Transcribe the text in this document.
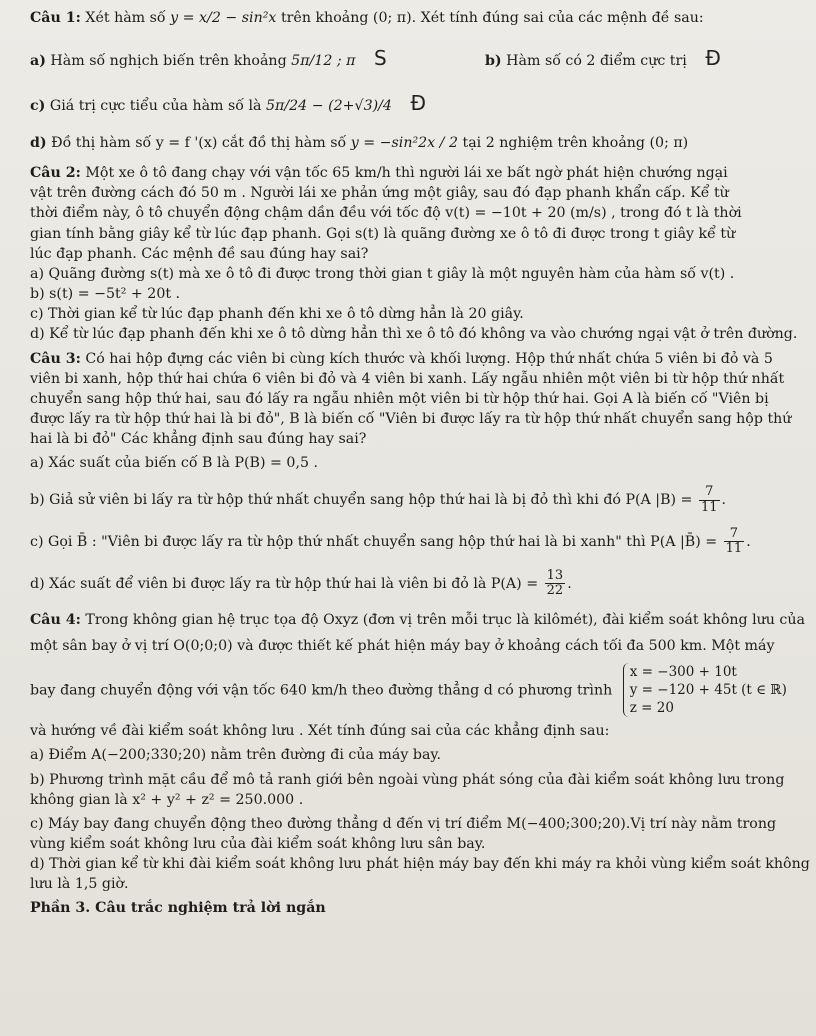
Câu 1: Xét hàm số y = x/2 − sin²x trên khoảng (0; π). Xét tính đúng sai của các mệnh đề sau:

a) Hàm số nghịch biến trên khoảng 5π/12 ; π S	b) Hàm số có 2 điểm cực trị Đ

c) Giá trị cực tiểu của hàm số là 5π/24 − (2+√3)/4 Đ

d) Đồ thị hàm số y = f '(x) cắt đồ thị hàm số y = −sin²2x / 2 tại 2 nghiệm trên khoảng (0; π)

Câu 2: Một xe ô tô đang chạy với vận tốc 65 km/h thì người lái xe bất ngờ phát hiện chướng ngại

vật trên đường cách đó 50 m . Người lái xe phản ứng một giây, sau đó đạp phanh khẩn cấp. Kể từ

thời điểm này, ô tô chuyển động chậm dần đều với tốc độ v(t) = −10t + 20 (m/s) , trong đó t là thời

gian tính bằng giây kể từ lúc đạp phanh. Gọi s(t) là quãng đường xe ô tô đi được trong t giây kể từ

lúc đạp phanh. Các mệnh đề sau đúng hay sai?

a) Quãng đường s(t) mà xe ô tô đi được trong thời gian t giây là một nguyên hàm của hàm số v(t) .

b) s(t) = −5t² + 20t .

c) Thời gian kể từ lúc đạp phanh đến khi xe ô tô dừng hẳn là 20 giây.

d) Kể từ lúc đạp phanh đến khi xe ô tô dừng hẳn thì xe ô tô đó không va vào chướng ngại vật ở trên đường.

Câu 3: Có hai hộp đựng các viên bi cùng kích thước và khối lượng. Hộp thứ nhất chứa 5 viên bi đỏ và 5

viên bi xanh, hộp thứ hai chứa 6 viên bi đỏ và 4 viên bi xanh. Lấy ngẫu nhiên một viên bi từ hộp thứ nhất

chuyển sang hộp thứ hai, sau đó lấy ra ngẫu nhiên một viên bi từ hộp thứ hai. Gọi A là biến cố "Viên bị

được lấy ra từ hộp thứ hai là bi đỏ", B là biến cố "Viên bi được lấy ra từ hộp thứ nhất chuyển sang hộp thứ

hai là bi đỏ" Các khẳng định sau đúng hay sai?

a) Xác suất của biến cố B là P(B) = 0,5 .

b) Giả sử viên bi lấy ra từ hộp thứ nhất chuyển sang hộp thứ hai là bị đỏ thì khi đó P(A $|B) = \frac{7}{11}$ .

c) Gọi B̄ : "Viên bi được lấy ra từ hộp thứ nhất chuyển sang hộp thứ hai là bi xanh" thì P(A |B̄) = $\frac{7}{11}$ .

d) Xác suất để viên bi được lấy ra từ hộp thứ hai là viên bi đỏ là $P(A) = \frac{13}{22}$ .

Câu 4: Trong không gian hệ trục tọa độ Oxyz (đơn vị trên mỗi trục là kilômét), đài kiểm soát không lưu của

một sân bay ở vị trí O(0;0;0) và được thiết kế phát hiện máy bay ở khoảng cách tối đa 500 km. Một máy

bay đang chuyển động với vận tốc 640 km/h theo đường thẳng d có phương trình
x = −300 + 10t
y = −120 + 45t (t ∈ ℝ)
z = 20

và hướng về đài kiểm soát không lưu . Xét tính đúng sai của các khẳng định sau:

a) Điểm A(−200;330;20) nằm trên đường đi của máy bay.

b) Phương trình mặt cầu để mô tả ranh giới bên ngoài vùng phát sóng của đài kiểm soát không lưu trong

không gian là x² + y² + z² = 250.000 .

c) Máy bay đang chuyển động theo đường thẳng d đến vị trí điểm M(−400;300;20).Vị trí này nằm trong

vùng kiểm soát không lưu của đài kiểm soát không lưu sân bay.

d) Thời gian kể từ khi đài kiểm soát không lưu phát hiện máy bay đến khi máy ra khỏi vùng kiểm soát không

lưu là 1,5 giờ.

Phần 3. Câu trắc nghiệm trả lời ngắn
